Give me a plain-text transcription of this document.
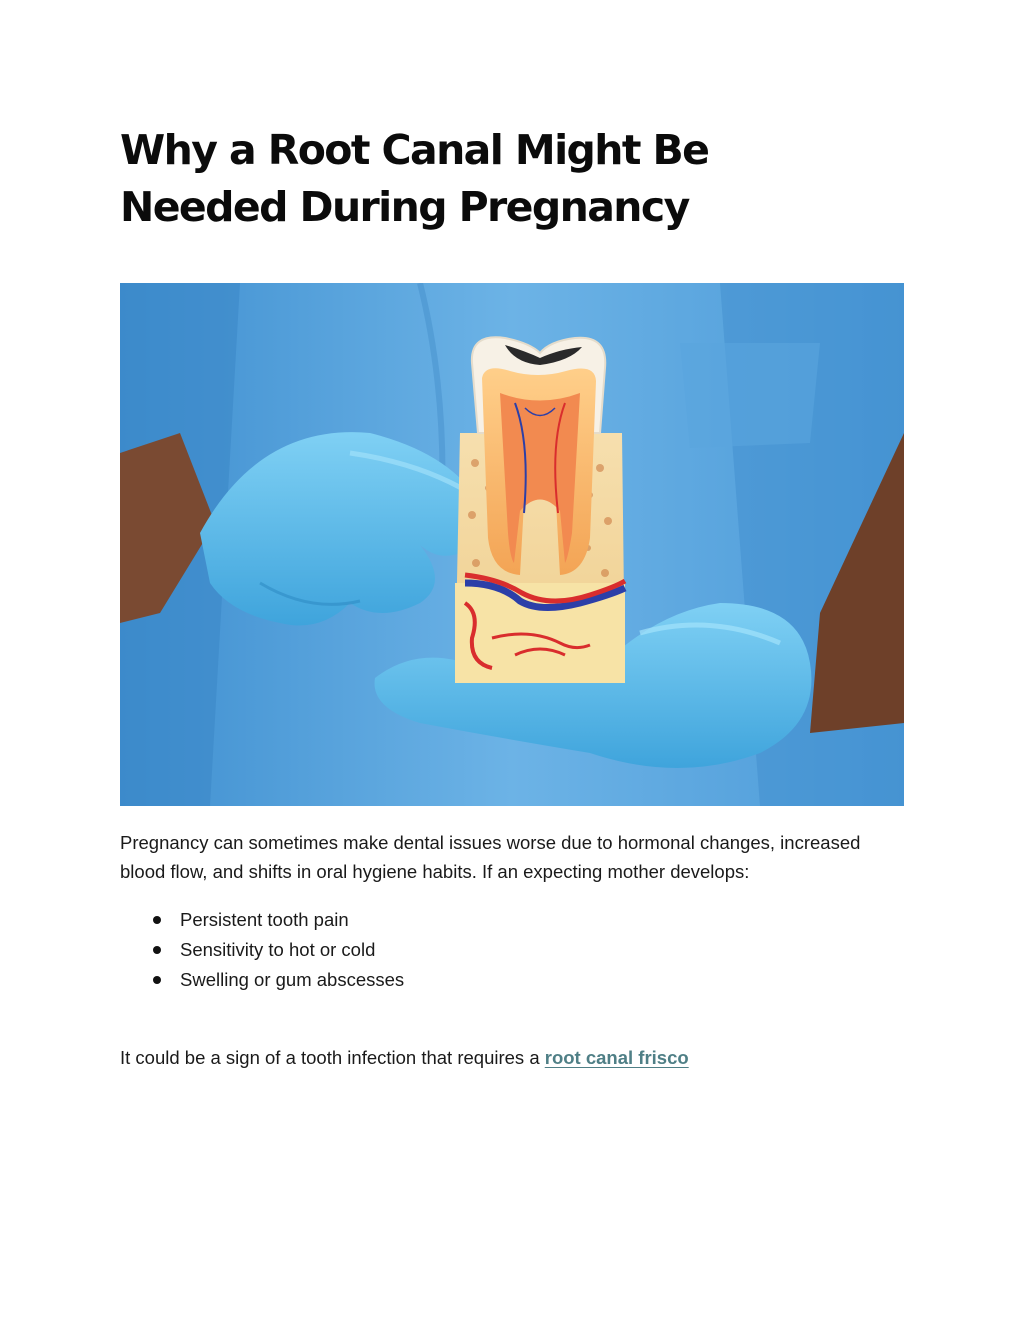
Why a Root Canal Might Be Needed During Pregnancy

Pregnancy can sometimes make dental issues worse due to hormonal changes, increased blood flow, and shifts in oral hygiene habits. If an expecting mother develops:

Persistent tooth pain
Sensitivity to hot or cold
Swelling or gum abscesses

It could be a sign of a tooth infection that requires a root canal frisco
